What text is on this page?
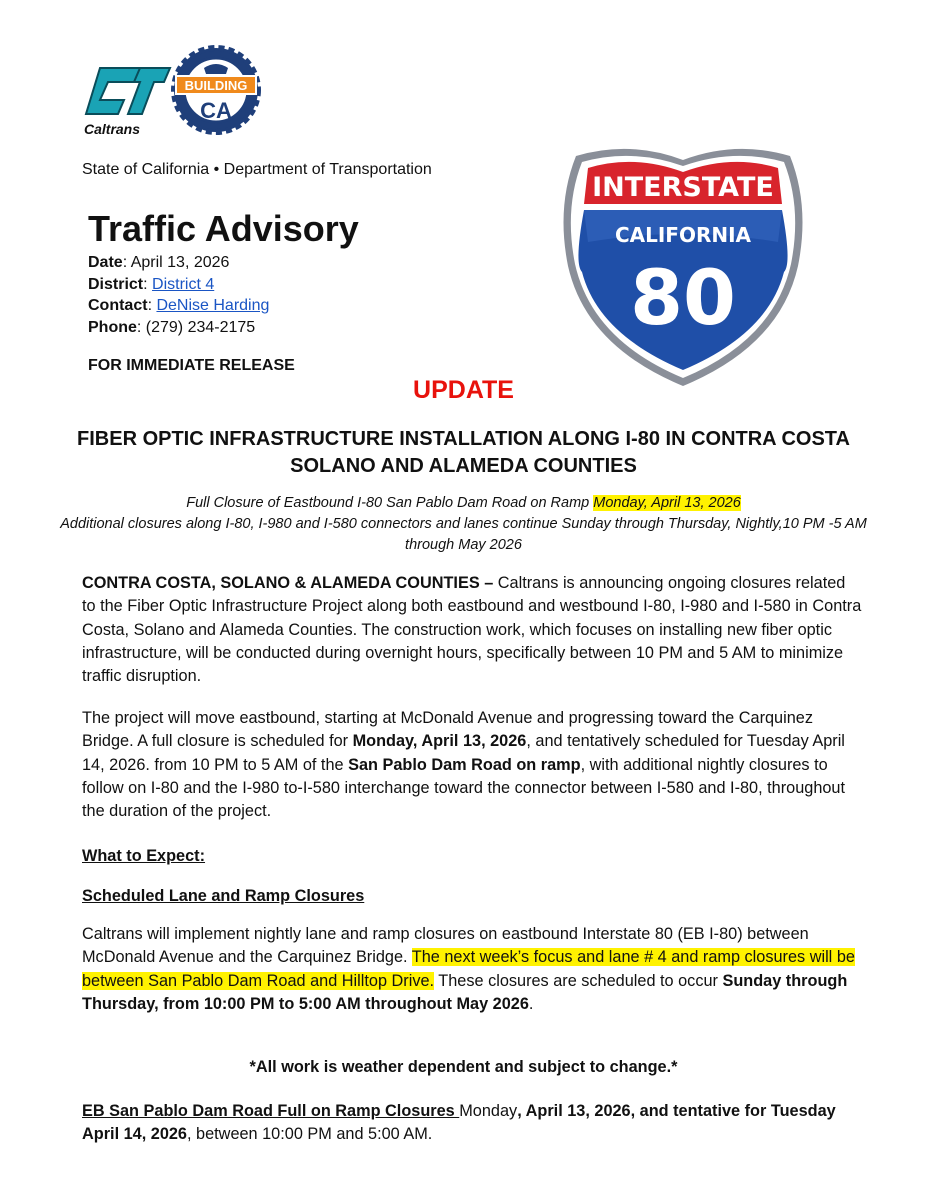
Caltrans
BUILDING
CA
INTERSTATE
CALIFORNIA
80
State of California • Department of Transportation
Traffic Advisory
Date: April 13, 2026
District: District 4
Contact: DeNise Harding
Phone: (279) 234-2175
FOR IMMEDIATE RELEASE
UPDATE
FIBER OPTIC INFRASTRUCTURE INSTALLATION ALONG I-80 IN CONTRA COSTA SOLANO AND ALAMEDA COUNTIES
Full Closure of Eastbound I-80 San Pablo Dam Road on Ramp Monday, April 13, 2026
Additional closures along I-80, I-980 and I-580 connectors and lanes continue Sunday through Thursday, Nightly,10 PM -5 AM through May 2026
CONTRA COSTA, SOLANO & ALAMEDA COUNTIES – Caltrans is announcing ongoing closures related to the Fiber Optic Infrastructure Project along both eastbound and westbound I-80, I-980 and I-580 in Contra Costa, Solano and Alameda Counties. The construction work, which focuses on installing new fiber optic infrastructure, will be conducted during overnight hours, specifically between 10 PM and 5 AM to minimize traffic disruption.
The project will move eastbound, starting at McDonald Avenue and progressing toward the Carquinez Bridge. A full closure is scheduled for Monday, April 13, 2026, and tentatively scheduled for Tuesday April 14, 2026. from 10 PM to 5 AM of the San Pablo Dam Road on ramp, with additional nightly closures to follow on I-80 and the I-980 to-I-580 interchange toward the connector between I-580 and I-80, throughout the duration of the project.
What to Expect:
Scheduled Lane and Ramp Closures
Caltrans will implement nightly lane and ramp closures on eastbound Interstate 80 (EB I-80) between McDonald Avenue and the Carquinez Bridge. The next week’s focus and lane # 4 and ramp closures will be between San Pablo Dam Road and Hilltop Drive. These closures are scheduled to occur Sunday through Thursday, from 10:00 PM to 5:00 AM throughout May 2026.
*All work is weather dependent and subject to change.*
EB San Pablo Dam Road Full on Ramp Closures Monday, April 13, 2026, and tentative for Tuesday April 14, 2026, between 10:00 PM and 5:00 AM.
